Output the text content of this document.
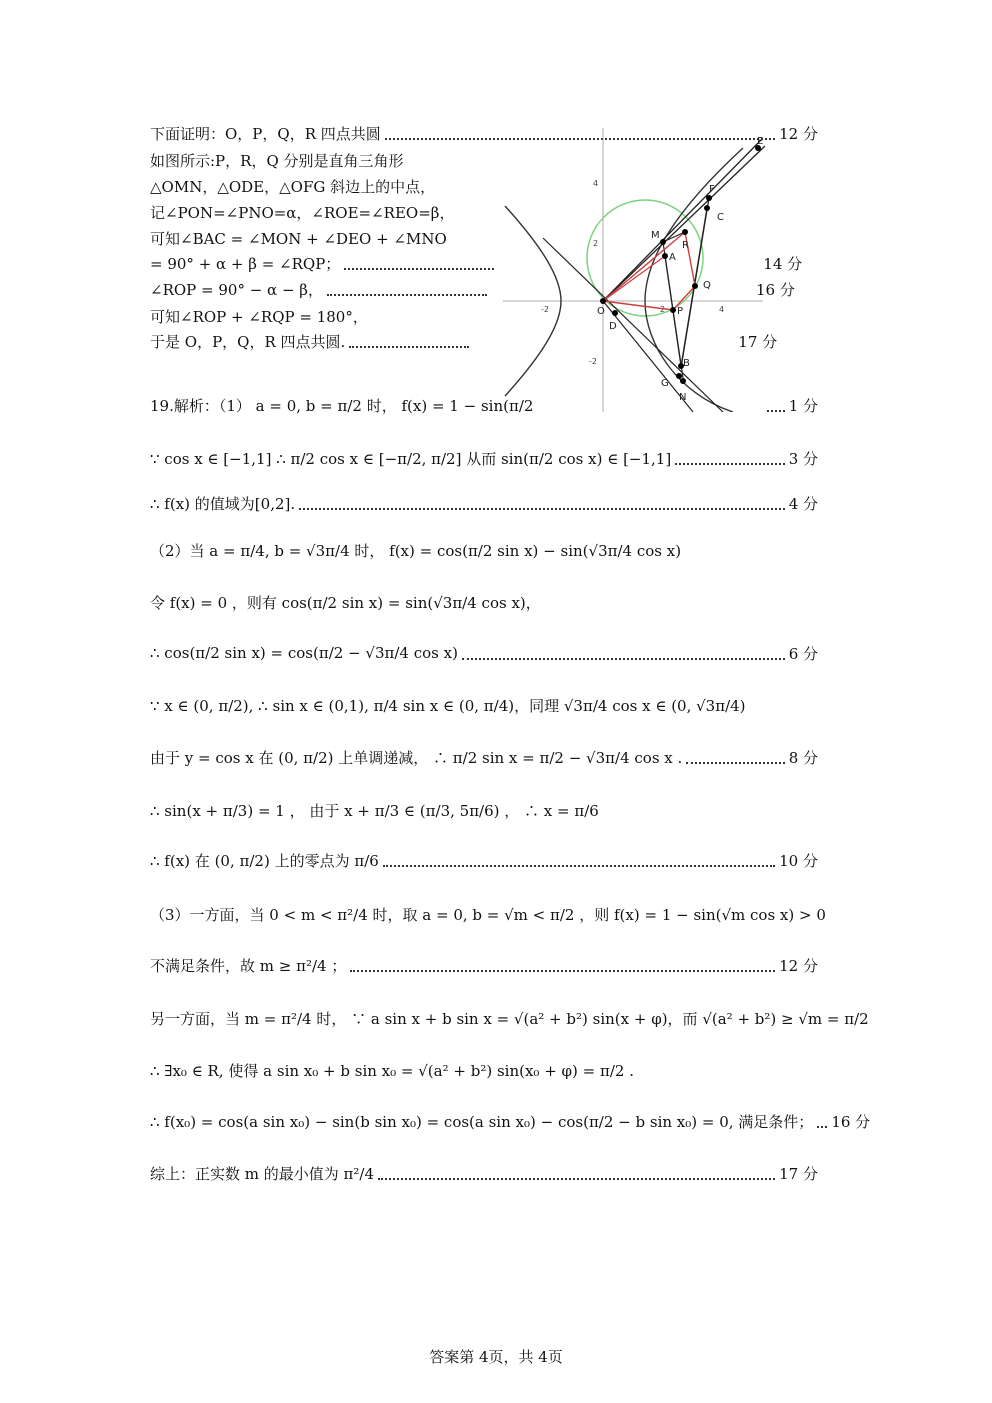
下面证明：O，P，Q，R 四点共圆	12 分
如图所示:P，R，Q 分别是直角三角形
△OMN，△ODE，△OFG 斜边上的中点，
记∠PON=∠PNO=α，∠ROE=∠REO=β，
可知∠BAC = ∠MON + ∠DEO + ∠MNO
= 90° + α + β = ∠RQP；	14 分
∠ROP = 90° − α − β，	16 分
可知∠ROP + ∠RQP = 180°，
于是 O，P，Q，R 四点共圆.	17 分
-2	2	4
4
2
-2
E
F
C
M
R
A
Q
O
D
P
B
G
N
19.解析：（1） a = 0, b = π/2 时， f(x) = 1 − sin(π/2	1 分
∵ cos x ∈ [−1,1] ∴ π/2 cos x ∈ [−π/2, π/2] 从而 sin(π/2 cos x) ∈ [−1,1]	3 分
∴ f(x) 的值域为[0,2].	4 分
（2）当 a = π/4, b = √3π/4 时， f(x) = cos(π/2 sin x) − sin(√3π/4 cos x)
令 f(x) = 0 ，则有 cos(π/2 sin x) = sin(√3π/4 cos x)，
∴ cos(π/2 sin x) = cos(π/2 − √3π/4 cos x)	6 分
∵ x ∈ (0, π/2), ∴ sin x ∈ (0,1), π/4 sin x ∈ (0, π/4)，同理 √3π/4 cos x ∈ (0, √3π/4)
由于 y = cos x 在 (0, π/2) 上单调递减， ∴ π/2 sin x = π/2 − √3π/4 cos x .	8 分
∴ sin(x + π/3) = 1 ， 由于 x + π/3 ∈ (π/3, 5π/6) ， ∴ x = π/6
∴ f(x) 在 (0, π/2) 上的零点为 π/6	10 分
（3）一方面，当 0 < m < π²/4 时，取 a = 0, b = √m < π/2 ，则 f(x) = 1 − sin(√m cos x) > 0
不满足条件，故 m ≥ π²/4 ；	12 分
另一方面，当 m = π²/4 时， ∵ a sin x + b sin x = √(a² + b²) sin(x + φ)，而 √(a² + b²) ≥ √m = π/2
∴ ∃x₀ ∈ R, 使得 a sin x₀ + b sin x₀ = √(a² + b²) sin(x₀ + φ) = π/2 .
∴ f(x₀) = cos(a sin x₀) − sin(b sin x₀) = cos(a sin x₀) − cos(π/2 − b sin x₀) = 0, 满足条件； 16 分
综上：正实数 m 的最小值为 π²/4	17 分
答案第 4页，共 4页
